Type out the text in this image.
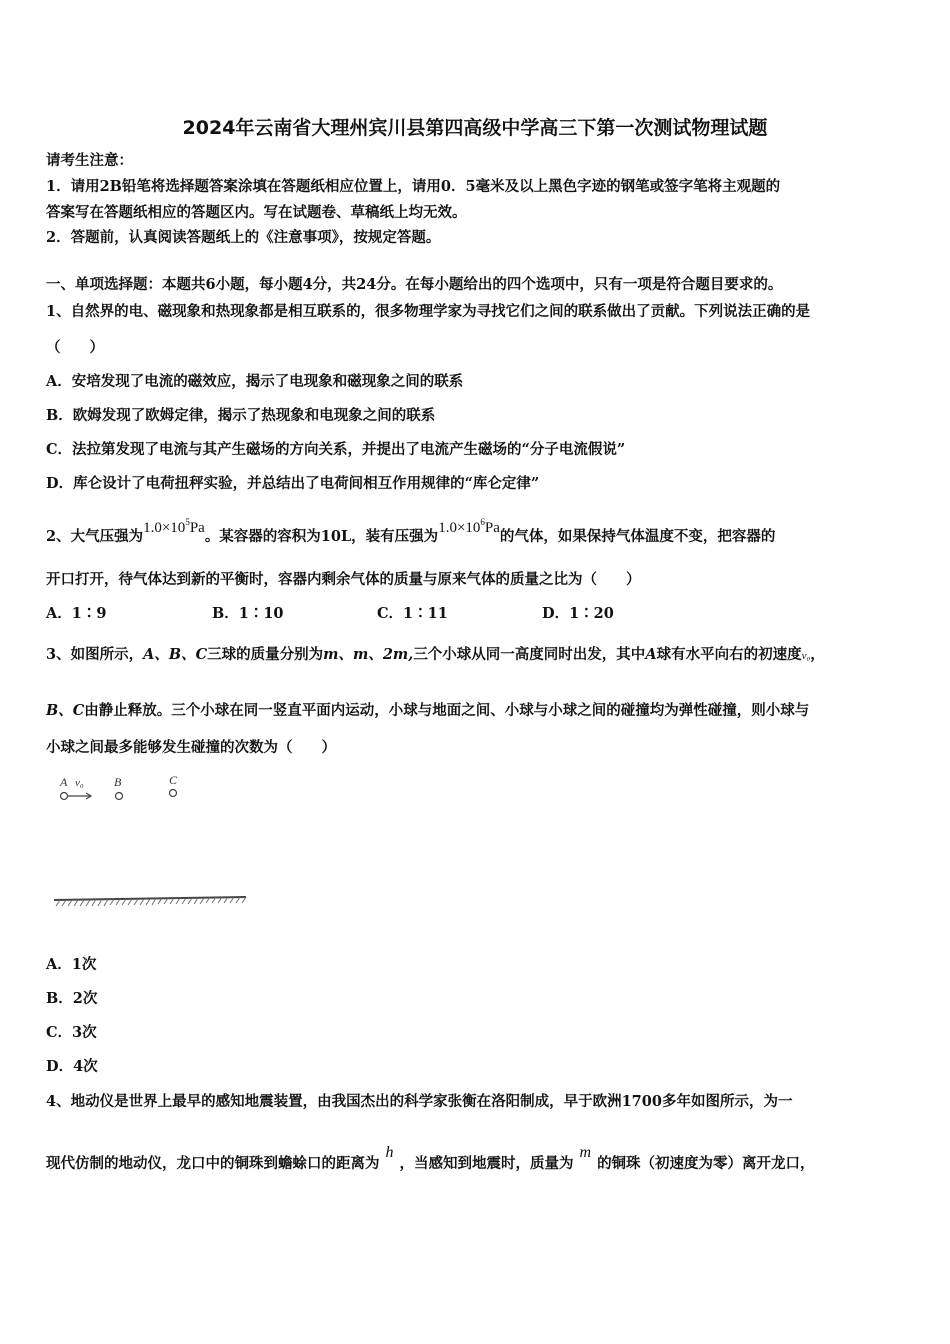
2024年云南省大理州宾川县第四高级中学高三下第一次测试物理试题
请考生注意：
1．请用2B铅笔将选择题答案涂填在答题纸相应位置上，请用0．5毫米及以上黑色字迹的钢笔或签字笔将主观题的
答案写在答题纸相应的答题区内。写在试题卷、草稿纸上均无效。
2．答题前，认真阅读答题纸上的《注意事项》，按规定答题。
一、单项选择题：本题共6小题，每小题4分，共24分。在每小题给出的四个选项中，只有一项是符合题目要求的。
1、自然界的电、磁现象和热现象都是相互联系的，很多物理学家为寻找它们之间的联系做出了贡献。下列说法正确的是
（　　）
A．安培发现了电流的磁效应，揭示了电现象和磁现象之间的联系
B．欧姆发现了欧姆定律，揭示了热现象和电现象之间的联系
C．法拉第发现了电流与其产生磁场的方向关系，并提出了电流产生磁场的“分子电流假说”
D．库仑设计了电荷扭秤实验，并总结出了电荷间相互作用规律的“库仑定律”
2、大气压强为$1.0\times 10^5Pa$。某容器的容积为10L，装有压强为$1.0\times 10^6Pa$的气体，如果保持气体温度不变，把容器的
开口打开，待气体达到新的平衡时，容器内剩余气体的质量与原来气体的质量之比为（　　）
A．1∶9	B．1∶10	C．1∶11	D．1∶20
3、如图所示，A、B、C三球的质量分别为m、m、2m,三个小球从同一高度同时出发，其中A球有水平向右的初速度v₀，
B、C由静止释放。三个小球在同一竖直平面内运动，小球与地面之间、小球与小球之间的碰撞均为弹性碰撞，则小球与
小球之间最多能够发生碰撞的次数为（　　）
A v₀	B	C
A．1次
B．2次
C．3次
D．4次
4、地动仪是世界上最早的感知地震装置，由我国杰出的科学家张衡在洛阳制成，早于欧洲1700多年如图所示，为一
现代仿制的地动仪，龙口中的铜珠到蟾蜍口的距离为h，当感知到地震时，质量为m的铜珠（初速度为零）离开龙口，
